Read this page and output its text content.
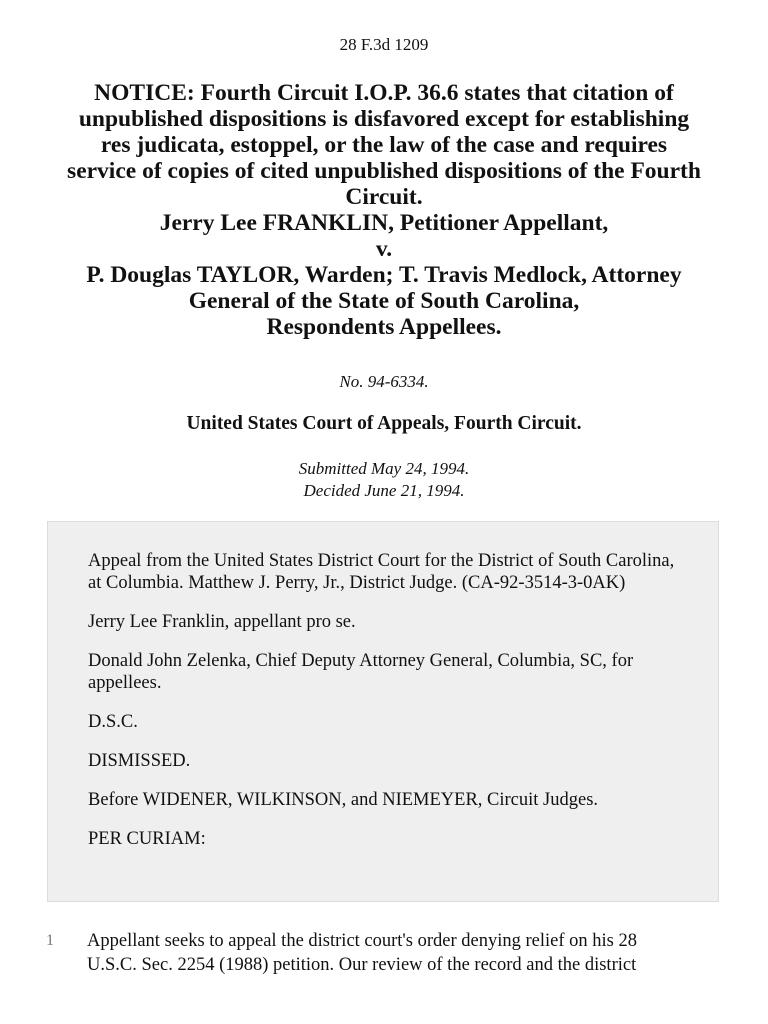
28 F.3d 1209
NOTICE: Fourth Circuit I.O.P. 36.6 states that citation of
unpublished dispositions is disfavored except for establishing
res judicata, estoppel, or the law of the case and requires
service of copies of cited unpublished dispositions of the Fourth
Circuit.
Jerry Lee FRANKLIN, Petitioner Appellant,
v.
P. Douglas TAYLOR, Warden; T. Travis Medlock, Attorney
General of the State of South Carolina,
Respondents Appellees.
No. 94-6334.
United States Court of Appeals, Fourth Circuit.
Submitted May 24, 1994.
Decided June 21, 1994.

Appeal from the United States District Court for the District of South Carolina, at Columbia. Matthew J. Perry, Jr., District Judge. (CA-92-3514-3-0AK)

Jerry Lee Franklin, appellant pro se.

Donald John Zelenka, Chief Deputy Attorney General, Columbia, SC, for appellees.

D.S.C.

DISMISSED.

Before WIDENER, WILKINSON, and NIEMEYER, Circuit Judges.

PER CURIAM:

1 Appellant seeks to appeal the district court's order denying relief on his 28 U.S.C. Sec. 2254 (1988) petition. Our review of the record and the district
